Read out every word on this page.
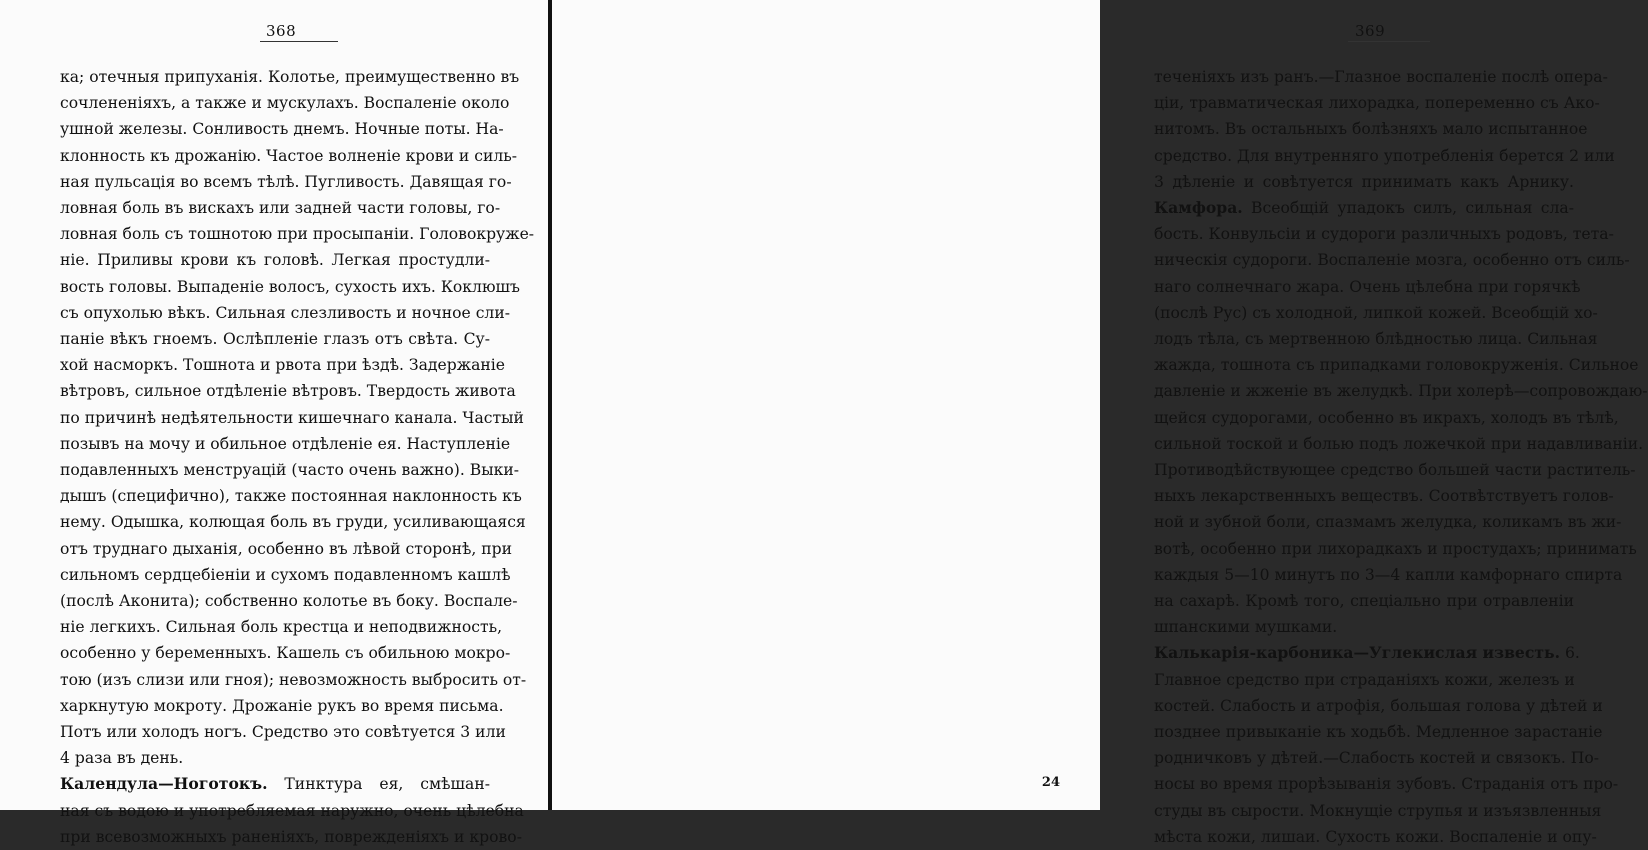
368
ка; отечныя припуханія. Колотье, преимущественно въ
сочлененіяхъ, а также и мускулахъ. Воспаленіе около
ушной железы. Сонливость днемъ. Ночные поты. На-
клонность къ дрожанію. Частое волненіе крови и силь-
ная пульсація во всемъ тѣлѣ. Пугливость. Давящая го-
ловная боль въ вискахъ или задней части головы, го-
ловная боль съ тошнотою при просыпаніи. Головокруже-
ніе. Приливы крови къ головѣ. Легкая простудли-
вость головы. Выпаденіе волосъ, сухость ихъ. Коклюшъ
съ опухолью вѣкъ. Сильная слезливость и ночное сли-
паніе вѣкъ гноемъ. Ослѣпленіе глазъ отъ свѣта. Су-
хой насморкъ. Тошнота и рвота при ѣздѣ. Задержаніе
вѣтровъ, сильное отдѣленіе вѣтровъ. Твердость живота
по причинѣ недѣятельности кишечнаго канала. Частый
позывъ на мочу и обильное отдѣленіе ея. Наступленіе
подавленныхъ менструацій (часто очень важно). Выки-
дышъ (специфично), также постоянная наклонность къ
нему. Одышка, колющая боль въ груди, усиливающаяся
отъ труднаго дыханія, особенно въ лѣвой сторонѣ, при
сильномъ сердцебіеніи и сухомъ подавленномъ кашлѣ
(послѣ Аконита); собственно колотье въ боку. Воспале-
ніе легкихъ. Сильная боль крестца и неподвижность,
особенно у беременныхъ. Кашель съ обильною мокро-
тою (изъ слизи или гноя); невозможность выбросить от-
харкнутую мокроту. Дрожаніе рукъ во время письма.
Потъ или холодъ ногъ. Средство это совѣтуется 3 или
4 раза въ день.
Календула—Ноготокъ. Тинктура ея, смѣшан-
ная съ водою и употребляемая наружно, очень цѣлебна
при всевозможныхъ раненіяхъ, поврежденіяхъ и крово-
369
теченіяхъ изъ ранъ.—Глазное воспаленіе послѣ опера-
ціи, травматическая лихорадка, попеременно съ Ако-
нитомъ. Въ остальныхъ болѣзняхъ мало испытанное
средство. Для внутренняго употребленія берется 2 или
3 дѣленіе и совѣтуется принимать какъ Арнику.
Камфора. Всеобщій упадокъ силъ, сильная сла-
бость. Конвульсіи и судороги различныхъ родовъ, тета-
ническія судороги. Воспаленіе мозга, особенно отъ силь-
наго солнечнаго жара. Очень цѣлебна при горячкѣ
(послѣ Рус) съ холодной, липкой кожей. Всеобщій хо-
лодъ тѣла, съ мертвенною блѣдностью лица. Сильная
жажда, тошнота съ припадками головокруженія. Сильное
давленіе и жженіе въ желудкѣ. При холерѣ—сопровождаю-
щейся судорогами, особенно въ икрахъ, холодъ въ тѣлѣ,
сильной тоской и болью подъ ложечкой при надавливаніи.
Противодѣйствующее средство большей части раститель-
ныхъ лекарственныхъ веществъ. Соотвѣтствуетъ голов-
ной и зубной боли, спазмамъ желудка, коликамъ въ жи-
вотѣ, особенно при лихорадкахъ и простудахъ; принимать
каждыя 5—10 минутъ по 3—4 капли камфорнаго спирта
на сахарѣ. Кромѣ того, спеціально при отравленіи
шпанскими мушками.
Калькарія-карбоника—Углекислая известь. 6.
Главное средство при страданіяхъ кожи, железъ и
костей. Слабость и атрофія, большая голова у дѣтей и
позднее привыканіе къ ходьбѣ. Медленное зарастаніе
родничковъ у дѣтей.—Слабость костей и связокъ. По-
носы во время прорѣзыванія зубовъ. Страданія отъ про-
студы въ сырости. Мокнущіе струпья и изъязвленныя
мѣста кожи, лишаи. Сухость кожи. Воспаленіе и опу-
24
